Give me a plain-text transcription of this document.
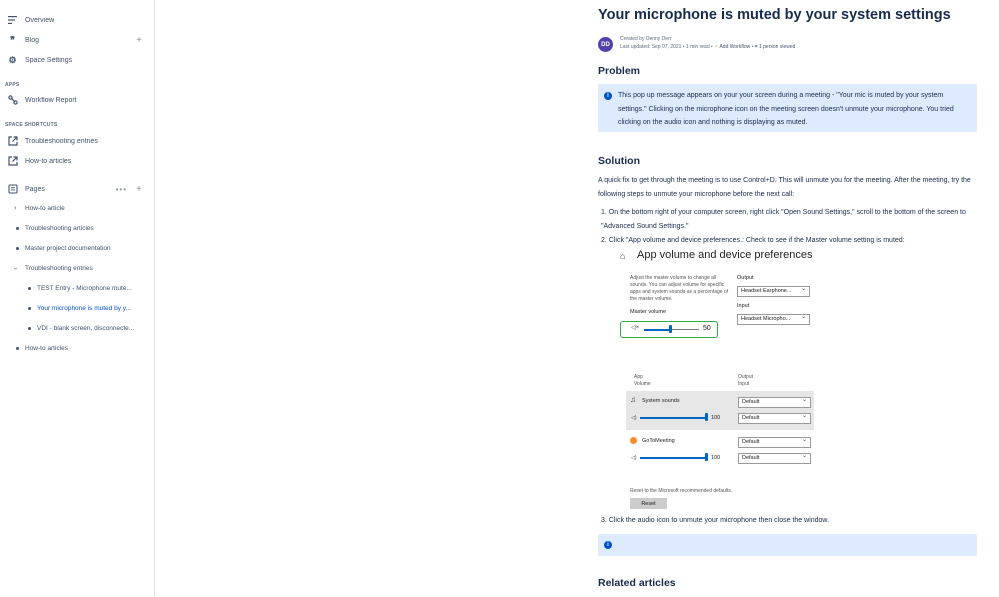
Overview
❞	Blog	+
⚙ Space Settings
APPS
Workflow Report
SPACE SHORTCUTS
Troubleshooting entries
How-to articles
Pages	••• +
› How-to article
Troubleshooting articles
Master project documentation
› Troubleshooting entries
TEST Entry - Microphone mute...
Your microphone is muted by y...
VDI - blank screen, disconnecte...
How-to articles
Your microphone is muted by your system settings
DD
Created by Denny Derr
Last updated: Sep 07, 2021 • 1 min read • ⚬ Add Workflow • ⌗ 1 person viewed
Problem
i	This pop up message appears on your your screen during a meeting - "Your mic is muted by your system settings." Clicking on the microphone icon on the meeting screen doesn't unmute your microphone. You tried clicking on the audio icon and nothing is displaying as muted.
Solution

A quick fix to get through the meeting is to use Control+D. This will unmute you for the meeting. After the meeting, try the following steps to unmute your microphone before the next call:

1. On the bottom right of your computer screen, right click "Open Sound Settings," scroll to the bottom of the screen to "Advanced Sound Settings."

2. Click "App volume and device preferences.: Check to see if the Master volume setting is muted:

3. Click the audio icon to unmute your microphone then close the window.

i
Related articles
⌂ App volume and device preferences
Adjust the master volume to change all sounds. You can adjust volume for specific apps and system sounds as a percentage of the master volume.
Master volume
◁×	50
Output
Headset Earphone... ⌄
Input
Headset Micropho... ⌄
App
Volume
Output
Input
♫ System sounds
◁)	100
Default ⌄
Default ⌄
GoToMeeting
◁)	100
Default ⌄
Default ⌄
Reset to the Microsoft recommended defaults.
Reset
